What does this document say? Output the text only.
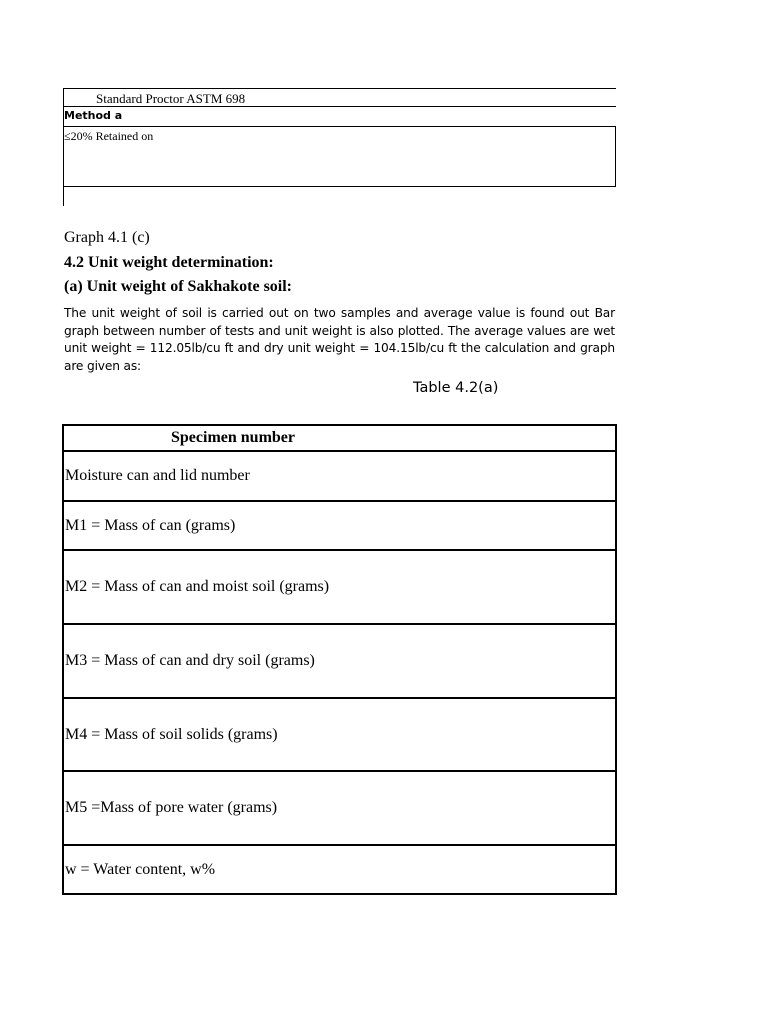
Standard Proctor ASTM 698
Method a
≤20% Retained on
Graph 4.1 (c)
4.2 Unit weight determination:
(a) Unit weight of Sakhakote soil:
The unit weight of soil is carried out on two samples and average value is found out Bar graph between number of tests and unit weight is also plotted. The average values are wet unit weight = 112.05lb/cu ft and dry unit weight = 104.15lb/cu ft the calculation and graph are given as:
Table 4.2(a)
Specimen number
Moisture can and lid number
M1 = Mass of can (grams)
M2 = Mass of can and moist soil (grams)
M3 = Mass of can and dry soil (grams)
M4 = Mass of soil solids (grams)
M5 =Mass of pore water (grams)
w = Water content, w%
